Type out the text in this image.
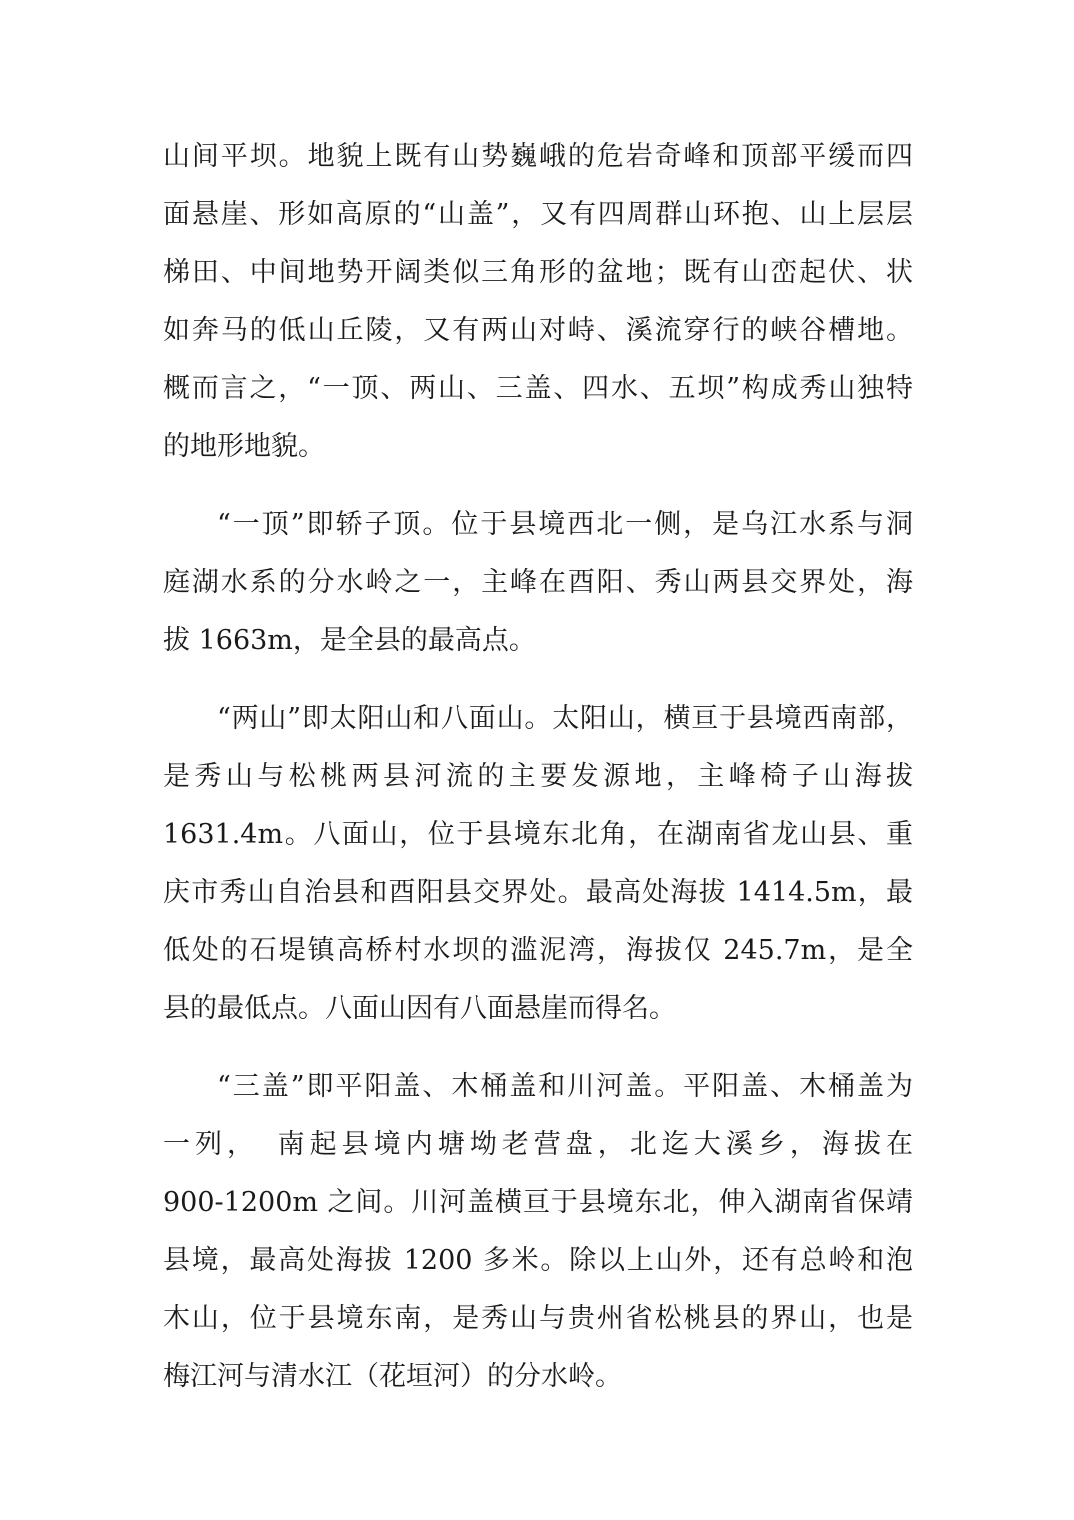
山间平坝。地貌上既有山势巍峨的危岩奇峰和顶部平缓而四
面悬崖、形如高原的“山盖”，又有四周群山环抱、山上层层
梯田、中间地势开阔类似三角形的盆地；既有山峦起伏、状
如奔马的低山丘陵，又有两山对峙、溪流穿行的峡谷槽地。
概而言之，“一顶、两山、三盖、四水、五坝”构成秀山独特
的地形地貌。
“一顶”即轿子顶。位于县境西北一侧，是乌江水系与洞
庭湖水系的分水岭之一，主峰在酉阳、秀山两县交界处，海
拔 1663m，是全县的最高点。
“两山”即太阳山和八面山。太阳山，横亘于县境西南部，
是秀山与松桃两县河流的主要发源地，主峰椅子山海拔
1631.4m。八面山，位于县境东北角，在湖南省龙山县、重
庆市秀山自治县和酉阳县交界处。最高处海拔 1414.5m，最
低处的石堤镇高桥村水坝的滥泥湾，海拔仅 245.7m，是全
县的最低点。八面山因有八面悬崖而得名。
“三盖”即平阳盖、木桶盖和川河盖。平阳盖、木桶盖为
一列，　南起县境内塘坳老营盘，北迄大溪乡，海拔在
900-1200m 之间。川河盖横亘于县境东北，伸入湖南省保靖
县境，最高处海拔 1200 多米。除以上山外，还有总岭和泡
木山，位于县境东南，是秀山与贵州省松桃县的界山，也是
梅江河与清水江（花垣河）的分水岭。
